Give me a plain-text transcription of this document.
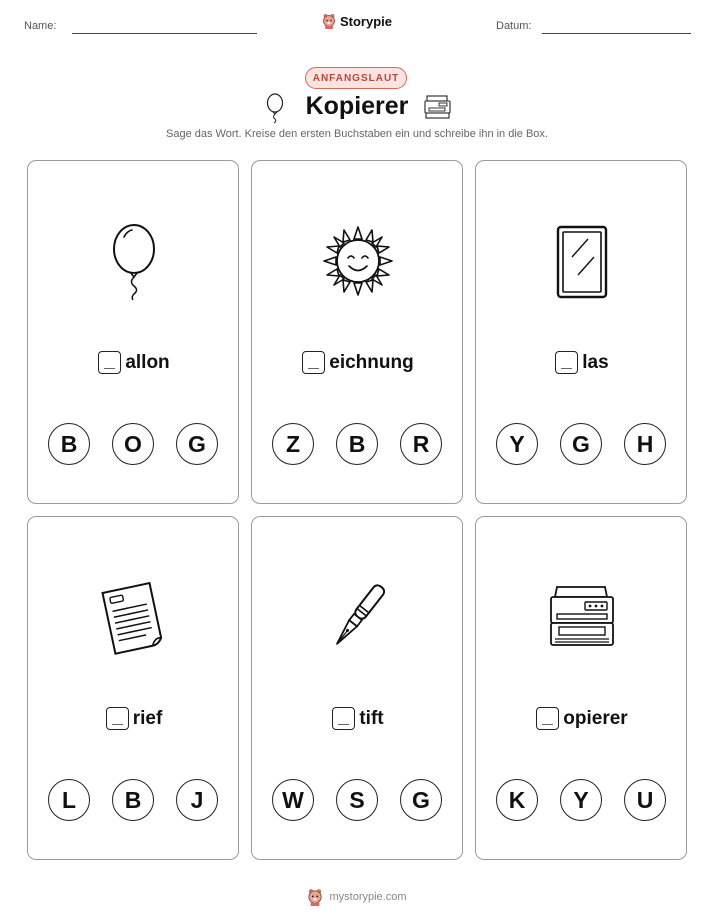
Name:	Datum:
Storypie
ANFANGSLAUT
Kopierer
Sage das Wort. Kreise den ersten Buchstaben ein und schreibe ihn in die Box.
allon
B	O	G
eichnung
Z	B	R
las
Y	G	H
rief
L	B	J
tift
W	S	G
opierer
K	Y	U
mystorypie.com
